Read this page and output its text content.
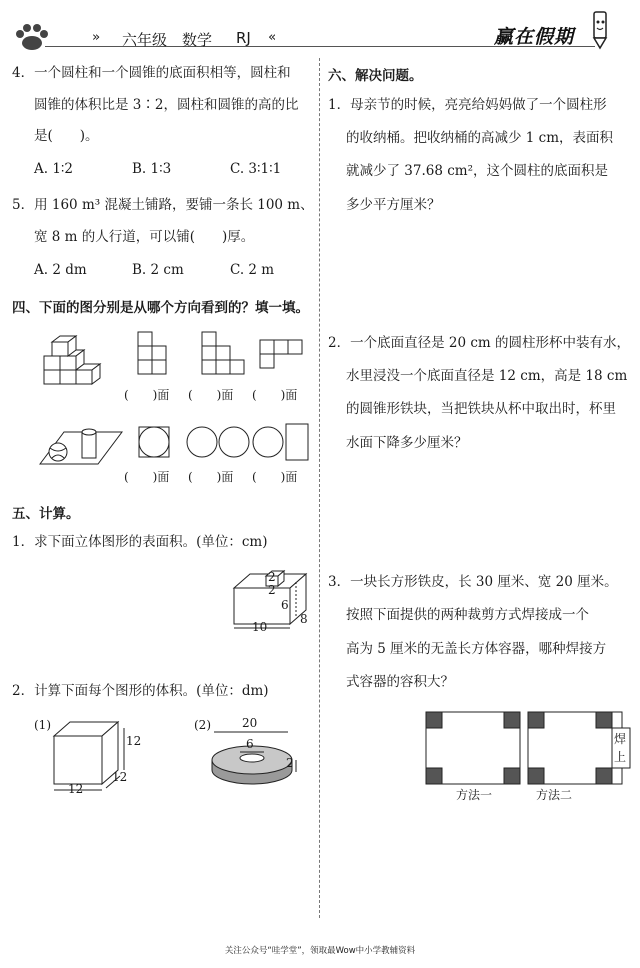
» 六年级 数学 RJ «	赢在假期
4．一个圆柱和一个圆锥的底面积相等，圆柱和
圆锥的体积比是 3∶2，圆柱和圆锥的高的比
是(　　)。
A. 1∶2	B. 1∶3	C. 3∶1∶1
5．用 160 m³ 混凝土铺路，要铺一条长 100 m、
宽 8 m 的人行道，可以铺(　　)厚。
A. 2 dm	B. 2 cm	C. 2 m
四、下面的图分别是从哪个方向看到的？填一填。
(　　)面 (　　)面 (　　)面
(　　)面 (　　)面 (　　)面
五、计算。
1．求下面立体图形的表面积。(单位：cm)
2
2
6
10
8
2．计算下面每个图形的体积。(单位：dm)
(1)
12
12
12
(2)	20
6
2
六、解决问题。
1．母亲节的时候，亮亮给妈妈做了一个圆柱形
的收纳桶。把收纳桶的高减少 1 cm，表面积
就减少了 37.68 cm²，这个圆柱的底面积是
多少平方厘米？
2．一个底面直径是 20 cm 的圆柱形杯中装有水，
水里浸没一个底面直径是 12 cm，高是 18 cm
的圆锥形铁块，当把铁块从杯中取出时，杯里
水面下降多少厘米？
3．一块长方形铁皮，长 30 厘米、宽 20 厘米。
按照下面提供的两种裁剪方式焊接成一个
高为 5 厘米的无盖长方体容器，哪种焊接方
式容器的容积大？
焊
上
方法一	方法二
关注公众号“哇学堂”，领取最Wow中小学教辅资料
